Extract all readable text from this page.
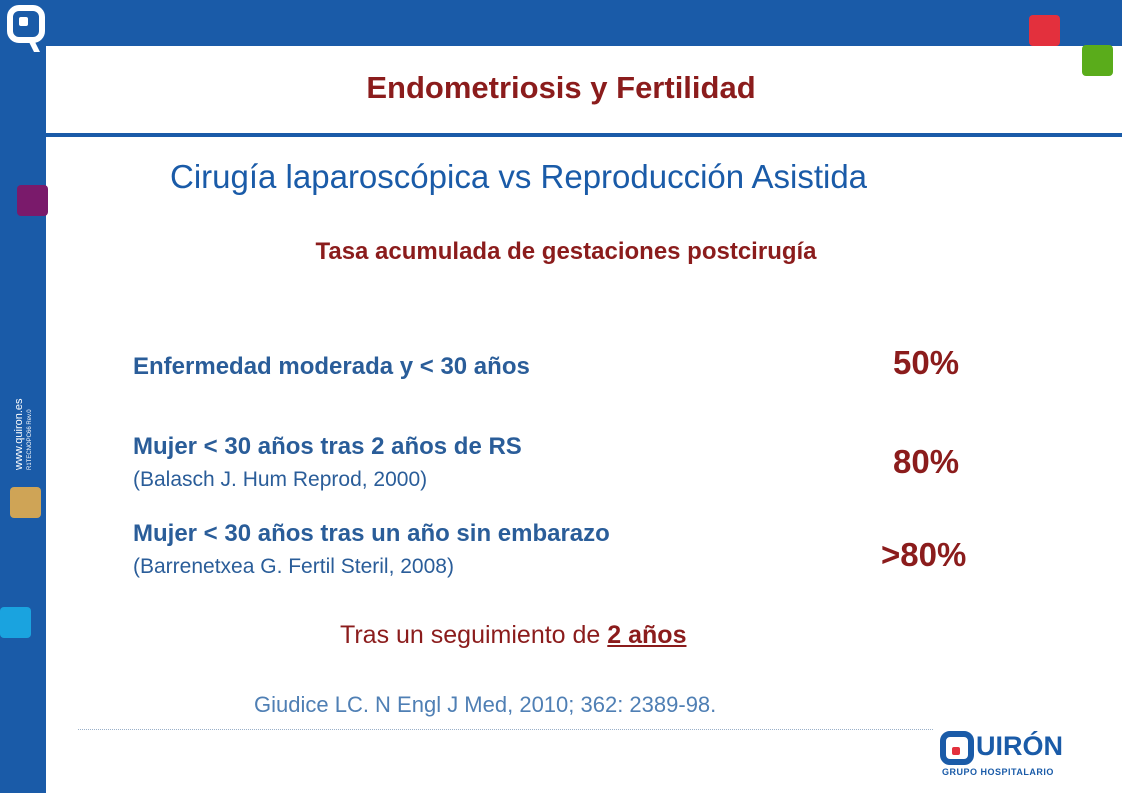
www.quiron.es R1TECNOPC66 Rev.0
Endometriosis y Fertilidad
Cirugía laparoscópica vs Reproducción Asistida
Tasa acumulada de gestaciones postcirugía
Enfermedad moderada y < 30 años	50%
Mujer < 30 años tras 2 años de RS
(Balasch J. Hum Reprod, 2000)	80%
Mujer < 30 años tras un año sin embarazo
(Barrenetxea G. Fertil Steril, 2008)	>80%
Tras un seguimiento de 2 años
Giudice LC. N Engl J Med, 2010; 362: 2389-98.
UIRÓN
GRUPO HOSPITALARIO
